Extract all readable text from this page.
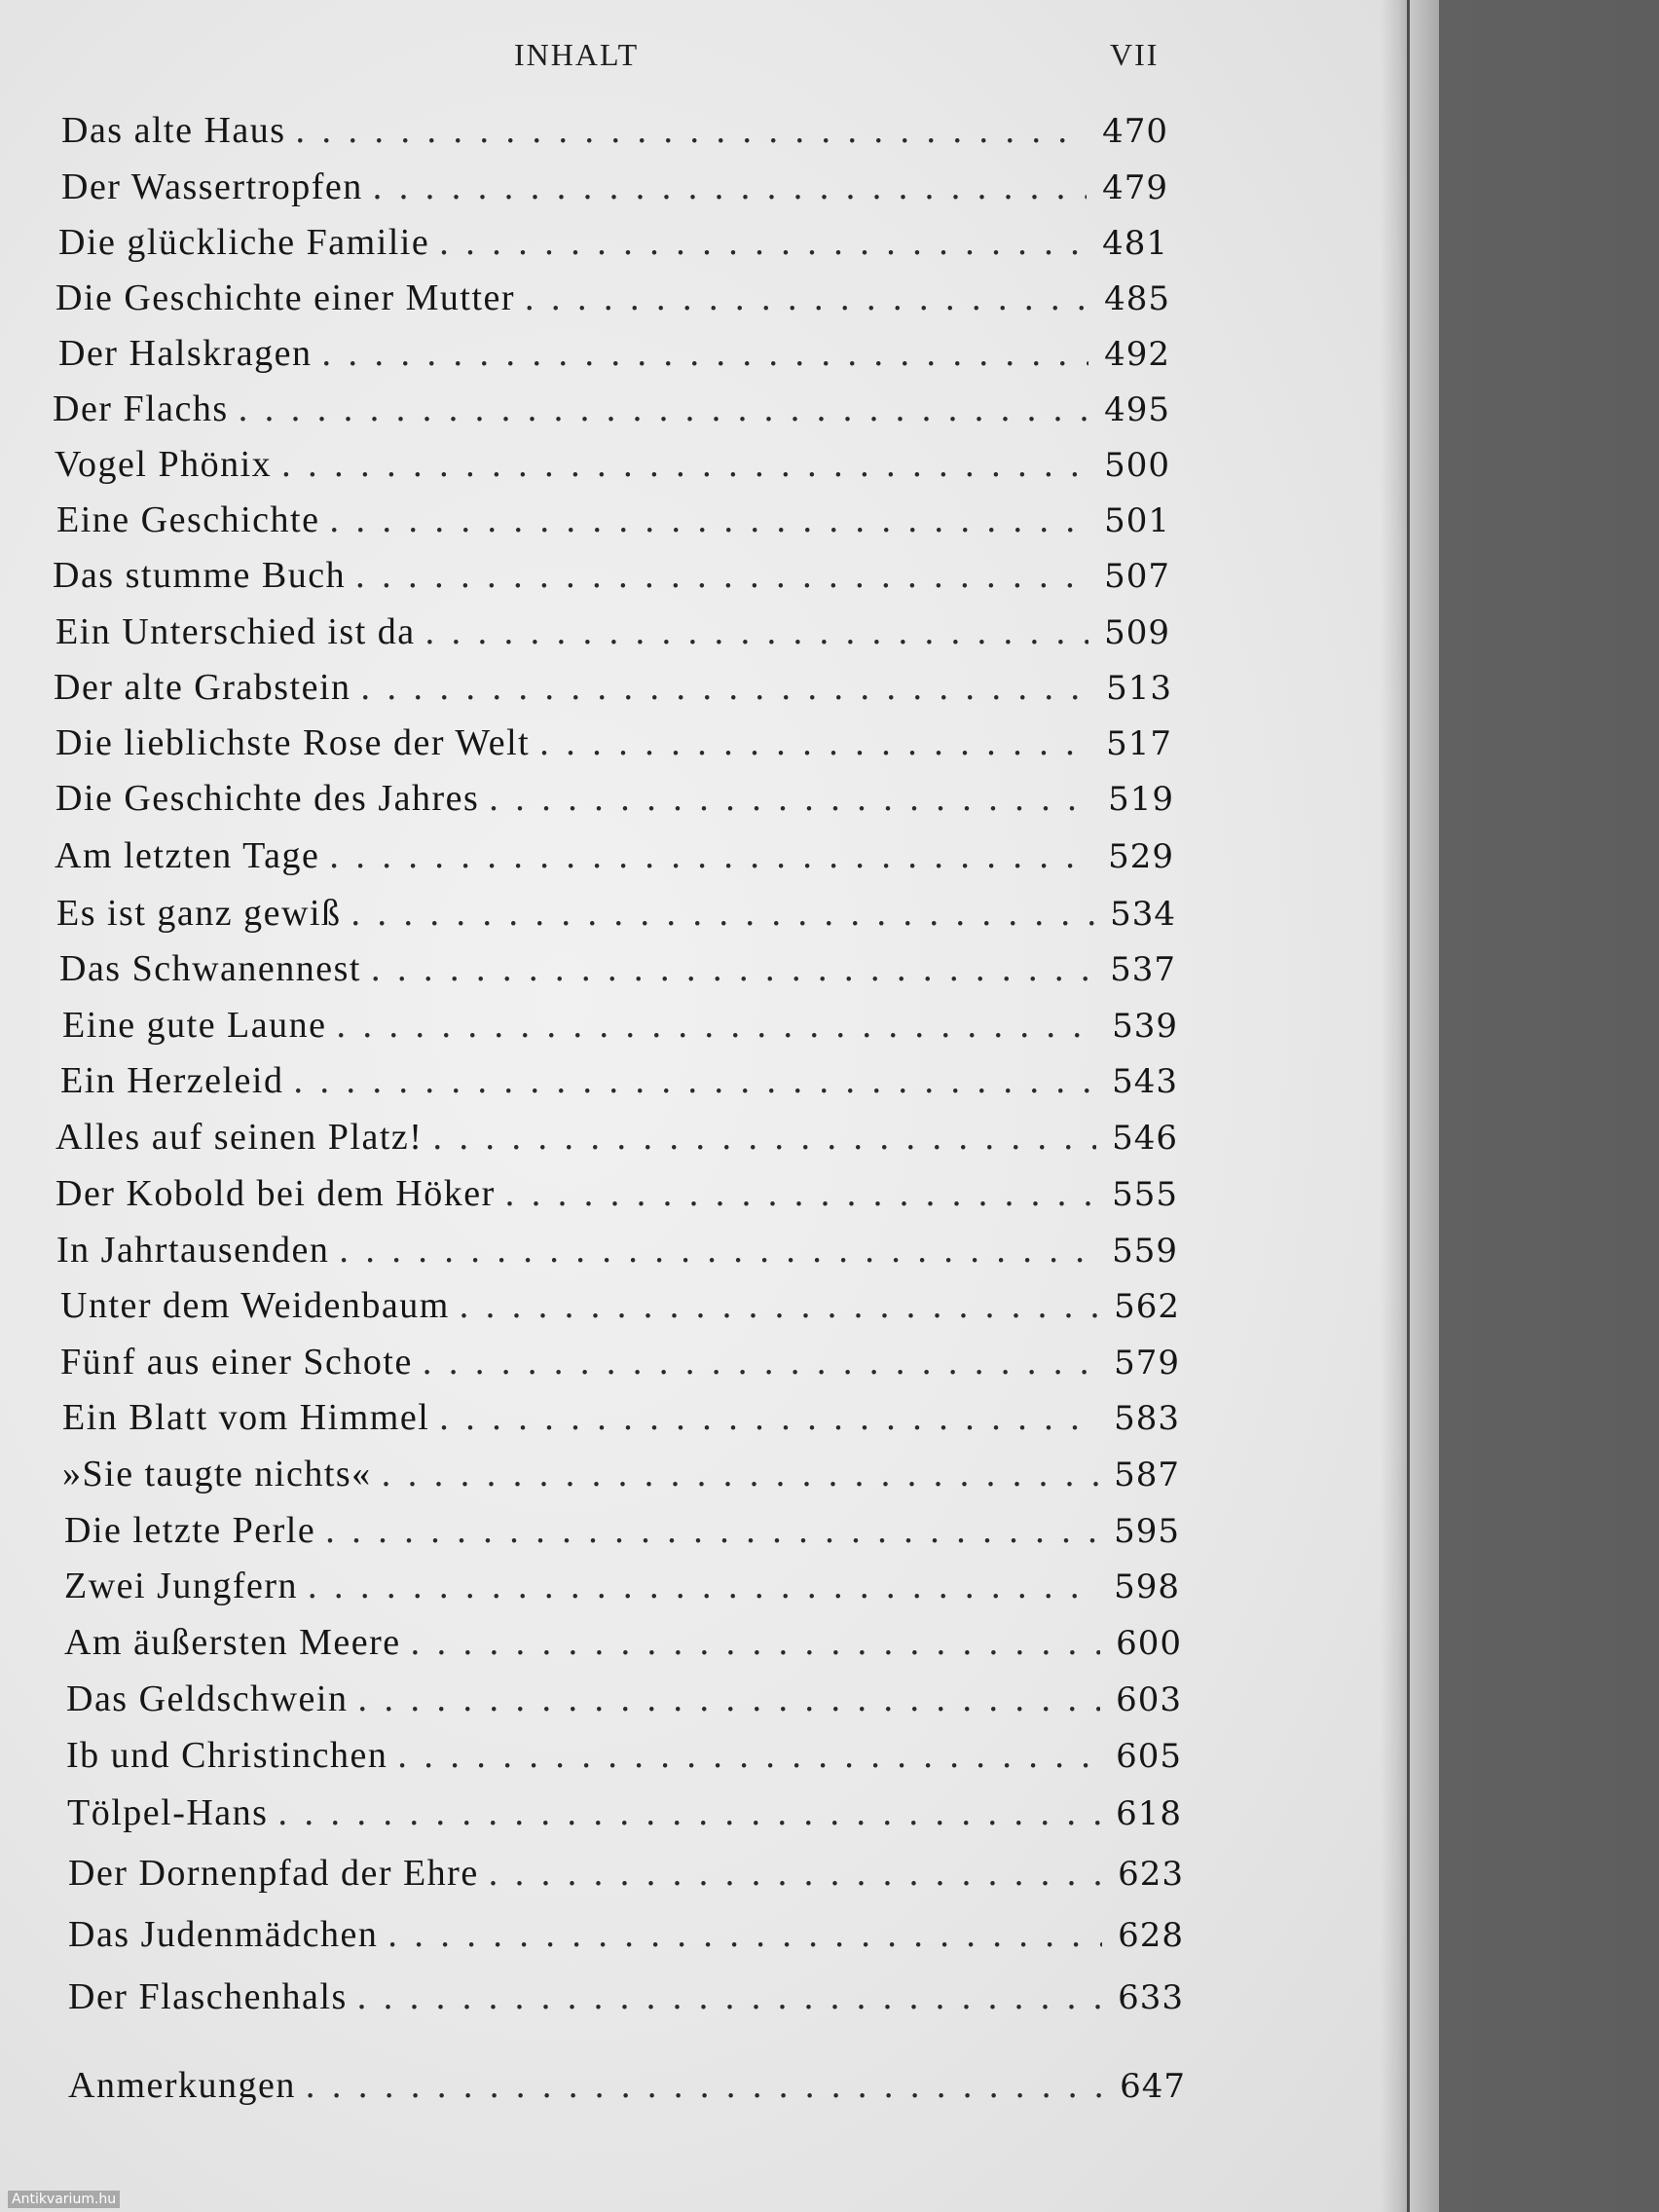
INHALT	VII
Das alte Haus . . .	470
Der Wassertropfen . . .	479
Die glückliche Familie . . .	481
Die Geschichte einer Mutter . . .	485
Der Halskragen . . .	492
Der Flachs . . .	495
Vogel Phönix . . .	500
Eine Geschichte . . .	501
Das stumme Buch . . .	507
Ein Unterschied ist da . . .	509
Der alte Grabstein . . .	513
Die lieblichste Rose der Welt . . .	517
Die Geschichte des Jahres . . .	519
Am letzten Tage . . .	529
Es ist ganz gewiß . . .	534
Das Schwanennest . . .	537
Eine gute Laune . . .	539
Ein Herzeleid . . .	543
Alles auf seinen Platz! . . .	546
Der Kobold bei dem Höker . . .	555
In Jahrtausenden . . .	559
Unter dem Weidenbaum . . .	562
Fünf aus einer Schote . . .	579
Ein Blatt vom Himmel . . .	583
»Sie taugte nichts« . . .	587
Die letzte Perle . . .	595
Zwei Jungfern . . .	598
Am äußersten Meere . . .	600
Das Geldschwein . . .	603
Ib und Christinchen . . .	605
Tölpel-Hans . . .	618
Der Dornenpfad der Ehre . . .	623
Das Judenmädchen . . .	628
Der Flaschenhals . . .	633
Anmerkungen . . .	647
Antikvarium.hu
